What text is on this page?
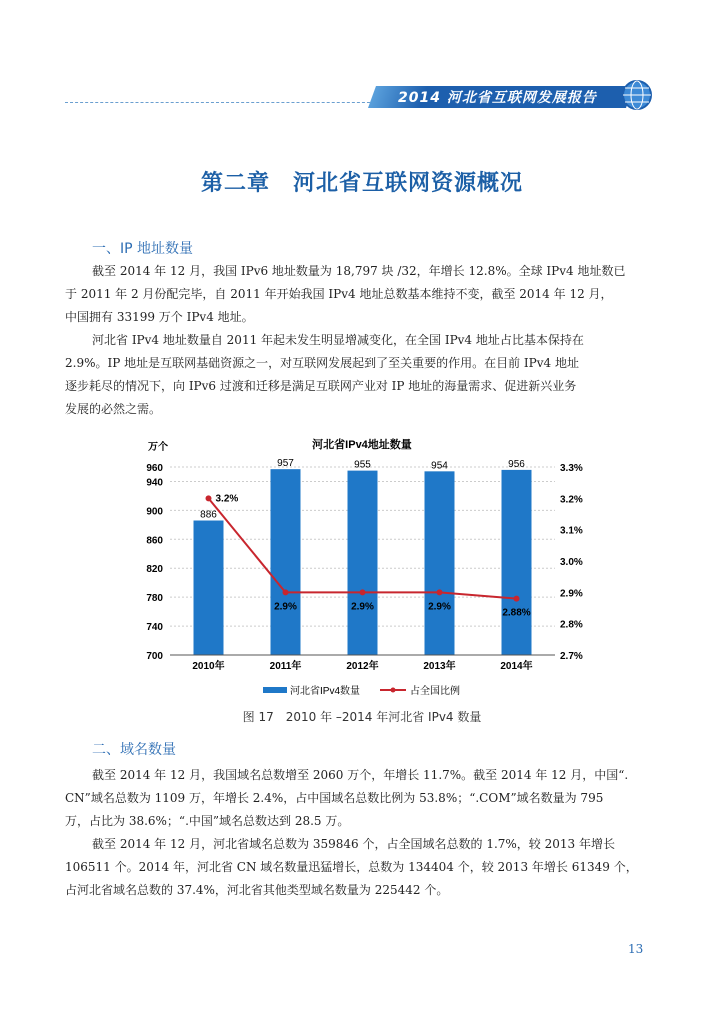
2014 河北省互联网发展报告
第二章　河北省互联网资源概况
一、IP 地址数量
截至 2014 年 12 月，我国 IPv6 地址数量为 18,797 块 /32，年增长 12.8%。全球 IPv4 地址数已
于 2011 年 2 月份配完毕，自 2011 年开始我国 IPv4 地址总数基本维持不变，截至 2014 年 12 月，
中国拥有 33199 万个 IPv4 地址。
河北省 IPv4 地址数量自 2011 年起未发生明显增减变化，在全国 IPv4 地址占比基本保持在
2.9%。IP 地址是互联网基础资源之一，对互联网发展起到了至关重要的作用。在目前 IPv4 地址
逐步耗尽的情况下，向 IPv6 过渡和迁移是满足互联网产业对 IP 地址的海量需求、促进新兴业务
发展的必然之需。
河北省IPv4地址数量
万个
886
957	955	954	956
3.2%
2.9%	2.9%	2.9%
2.88%
700
740
780
820
860
900
940
960
2.7%
2.8%
2.9%
3.0%
3.1%
3.2%
3.3%
2010年	2011年	2012年	2013年	2014年
河北省IPv4数量	占全国比例
图 17　2010 年 –2014 年河北省 IPv4 数量
二、域名数量
截至 2014 年 12 月，我国域名总数增至 2060 万个，年增长 11.7%。截至 2014 年 12 月，中国“.
CN”域名总数为 1109 万，年增长 2.4%，占中国域名总数比例为 53.8%；“.COM”域名数量为 795
万，占比为 38.6%；“.中国”域名总数达到 28.5 万。
截至 2014 年 12 月，河北省域名总数为 359846 个，占全国域名总数的 1.7%，较 2013 年增长
106511 个。2014 年，河北省 CN 域名数量迅猛增长，总数为 134404 个，较 2013 年增长 61349 个，
占河北省域名总数的 37.4%，河北省其他类型域名数量为 225442 个。
13
